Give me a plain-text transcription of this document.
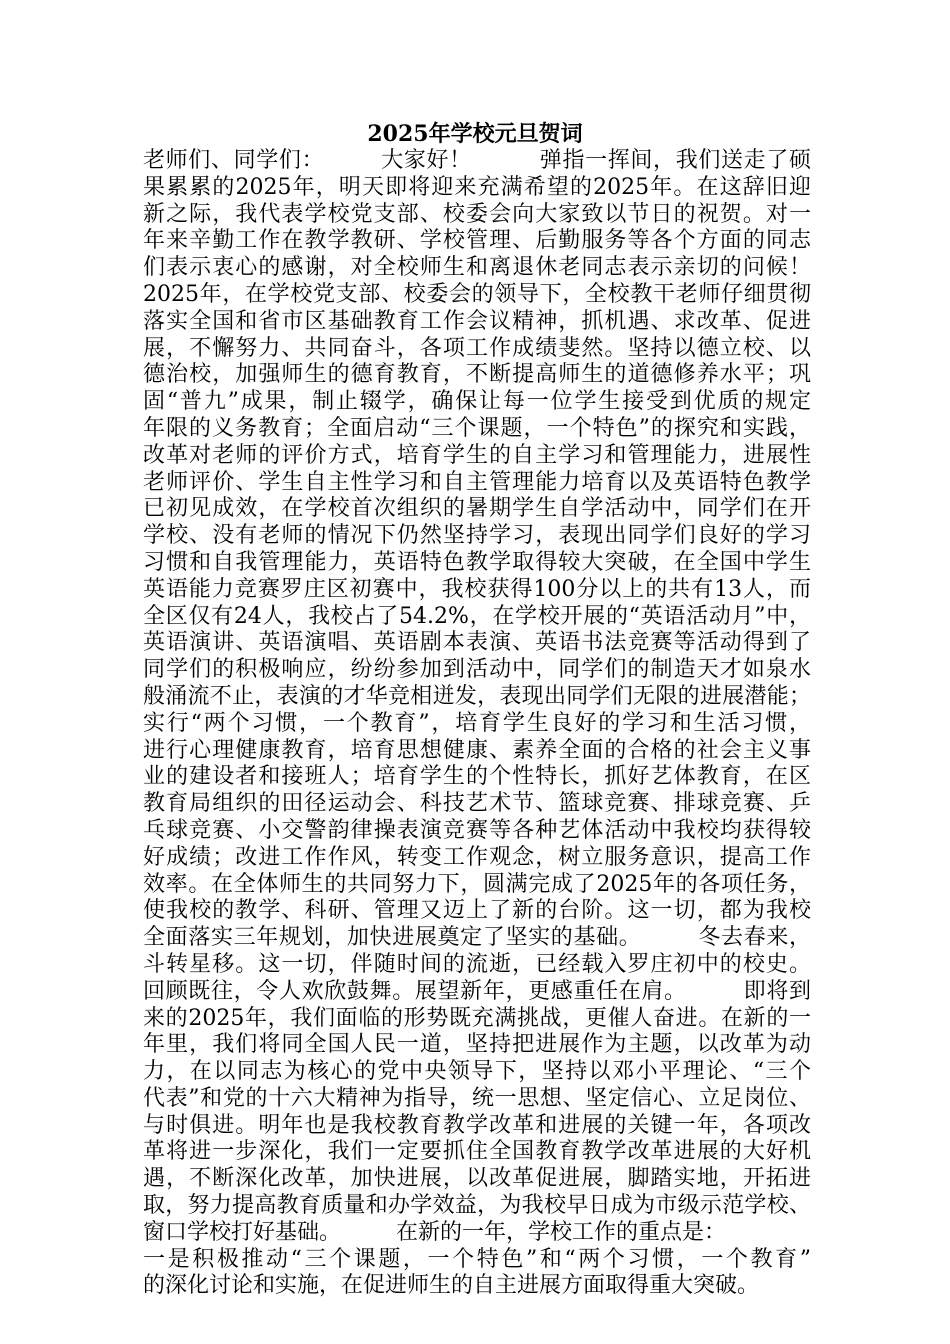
2025年学校元旦贺词
老师们、同学们：　　　大家好！　　　弹指一挥间，我们送走了硕
果累累的2025年，明天即将迎来充满希望的2025年。在这辞旧迎
新之际，我代表学校党支部、校委会向大家致以节日的祝贺。对一
年来辛勤工作在教学教研、学校管理、后勤服务等各个方面的同志
们表示衷心的感谢，对全校师生和离退休老同志表示亲切的问候！
2025年，在学校党支部、校委会的领导下，全校教干老师仔细贯彻
落实全国和省市区基础教育工作会议精神，抓机遇、求改革、促进
展，不懈努力、共同奋斗，各项工作成绩斐然。坚持以德立校、以
德治校，加强师生的德育教育，不断提高师生的道德修养水平；巩
固“普九”成果，制止辍学，确保让每一位学生接受到优质的规定
年限的义务教育；全面启动“三个课题，一个特色”的探究和实践，
改革对老师的评价方式，培育学生的自主学习和管理能力，进展性
老师评价、学生自主性学习和自主管理能力培育以及英语特色教学
已初见成效，在学校首次组织的暑期学生自学活动中，同学们在开
学校、没有老师的情况下仍然坚持学习，表现出同学们良好的学习
习惯和自我管理能力，英语特色教学取得较大突破，在全国中学生
英语能力竞赛罗庄区初赛中，我校获得100分以上的共有13人，而
全区仅有24人，我校占了54.2%，在学校开展的“英语活动月”中，
英语演讲、英语演唱、英语剧本表演、英语书法竞赛等活动得到了
同学们的积极响应，纷纷参加到活动中，同学们的制造天才如泉水
般涌流不止，表演的才华竞相迸发，表现出同学们无限的进展潜能；
实行“两个习惯，一个教育”，培育学生良好的学习和生活习惯，
进行心理健康教育，培育思想健康、素养全面的合格的社会主义事
业的建设者和接班人；培育学生的个性特长，抓好艺体教育，在区
教育局组织的田径运动会、科技艺术节、篮球竞赛、排球竞赛、乒
乓球竞赛、小交警韵律操表演竞赛等各种艺体活动中我校均获得较
好成绩；改进工作作风，转变工作观念，树立服务意识，提高工作
效率。在全体师生的共同努力下，圆满完成了2025年的各项任务，
使我校的教学、科研、管理又迈上了新的台阶。这一切，都为我校
全面落实三年规划，加快进展奠定了坚实的基础。　　　冬去春来，
斗转星移。这一切，伴随时间的流逝，已经载入罗庄初中的校史。
回顾既往，令人欢欣鼓舞。展望新年，更感重任在肩。　　　即将到
来的2025年，我们面临的形势既充满挑战，更催人奋进。在新的一
年里，我们将同全国人民一道，坚持把进展作为主题，以改革为动
力，在以同志为核心的党中央领导下，坚持以邓小平理论、“三个
代表”和党的十六大精神为指导，统一思想、坚定信心、立足岗位、
与时俱进。明年也是我校教育教学改革和进展的关键一年，各项改
革将进一步深化，我们一定要抓住全国教育教学改革进展的大好机
遇，不断深化改革，加快进展，以改革促进展，脚踏实地，开拓进
取，努力提高教育质量和办学效益，为我校早日成为市级示范学校、
窗口学校打好基础。　　　在新的一年，学校工作的重点是：
一是积极推动“三个课题，一个特色”和“两个习惯，一个教育”
的深化讨论和实施，在促进师生的自主进展方面取得重大突破。
